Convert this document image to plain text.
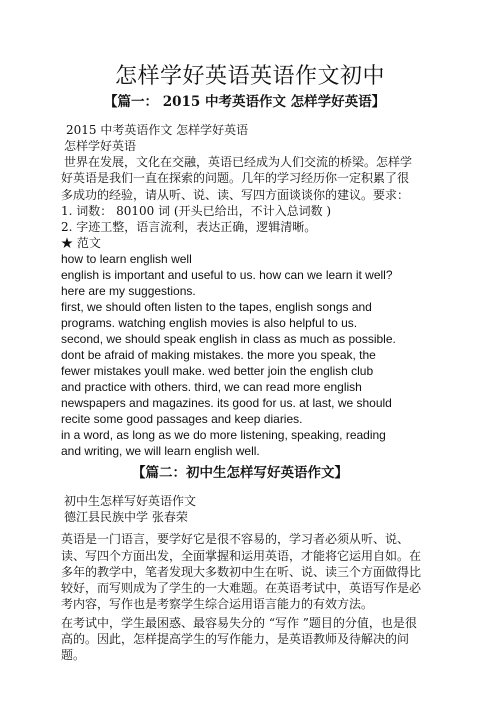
怎样学好英语英语作文初中
【篇一： 2015 中考英语作文 怎样学好英语】
2015 中考英语作文 怎样学好英语
怎样学好英语
世界在发展，文化在交融，英语已经成为人们交流的桥梁。怎样学
好英语是我们一直在探索的问题。几年的学习经历你一定积累了很
多成功的经验，请从听、说、读、写四方面谈谈你的建议。要求：
1. 词数： 80100 词 (开头已给出，不计入总词数 )
2. 字迹工整，语言流利，表达正确，逻辑清晰。
★ 范文
how to learn english well
english is important and useful to us. how can we learn it well?
here are my suggestions.
first, we should often listen to the tapes, english songs and
programs. watching english movies is also helpful to us.
second, we should speak english in class as much as possible.
dont be afraid of making mistakes. the more you speak, the
fewer mistakes youll make. wed better join the english club
and practice with others. third, we can read more english
newspapers and magazines. its good for us. at last, we should
recite some good passages and keep diaries.
in a word, as long as we do more listening, speaking, reading
and writing, we will learn english well.
【篇二：初中生怎样写好英语作文】
初中生怎样写好英语作文
德江县民族中学 张春荣
英语是一门语言，要学好它是很不容易的，学习者必须从听、说、
读、写四个方面出发，全面掌握和运用英语，才能将它运用自如。在
多年的教学中，笔者发现大多数初中生在听、说、读三个方面做得比
较好，而写则成为了学生的一大难题。在英语考试中，英语写作是必
考内容，写作也是考察学生综合运用语言能力的有效方法。
在考试中，学生最困惑、最容易失分的 “写作 ”题目的分值，也是很
高的。因此，怎样提高学生的写作能力，是英语教师及待解决的问
题。
